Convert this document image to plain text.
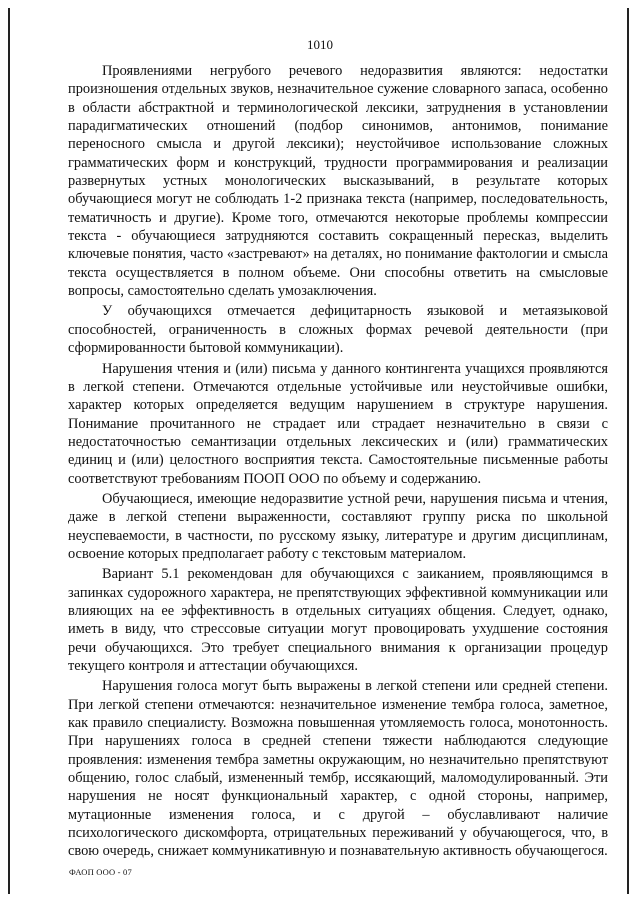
1010

Проявлениями негрубого речевого недоразвития являются: недостатки произношения отдельных звуков, незначительное сужение словарного запаса, особенно в области абстрактной и терминологической лексики, затруднения в установлении парадигматических отношений (подбор синонимов, антонимов, понимание переносного смысла и другой лексики); неустойчивое использование сложных грамматических форм и конструкций, трудности программирования и реализации развернутых устных монологических высказываний, в результате которых обучающиеся могут не соблюдать 1-2 признака текста (например, последовательность, тематичность и другие). Кроме того, отмечаются некоторые проблемы компрессии текста - обучающиеся затрудняются составить сокращенный пересказ, выделить ключевые понятия, часто «застревают» на деталях, но понимание фактологии и смысла текста осуществляется в полном объеме. Они способны ответить на смысловые вопросы, самостоятельно сделать умозаключения.

У обучающихся отмечается дефицитарность языковой и метаязыковой способностей, ограниченность в сложных формах речевой деятельности (при сформированности бытовой коммуникации).

Нарушения чтения и (или) письма у данного контингента учащихся проявляются в легкой степени. Отмечаются отдельные устойчивые или неустойчивые ошибки, характер которых определяется ведущим нарушением в структуре нарушения. Понимание прочитанного не страдает или страдает незначительно в связи с недостаточностью семантизации отдельных лексических и (или) грамматических единиц и (или) целостного восприятия текста. Самостоятельные письменные работы соответствуют требованиям ПООП ООО по объему и содержанию.

Обучающиеся, имеющие недоразвитие устной речи, нарушения письма и чтения, даже в легкой степени выраженности, составляют группу риска по школьной неуспеваемости, в частности, по русскому языку, литературе и другим дисциплинам, освоение которых предполагает работу с текстовым материалом.

Вариант 5.1 рекомендован для обучающихся с заиканием, проявляющимся в запинках судорожного характера, не препятствующих эффективной коммуникации или влияющих на ее эффективность в отдельных ситуациях общения. Следует, однако, иметь в виду, что стрессовые ситуации могут провоцировать ухудшение состояния речи обучающихся. Это требует специального внимания к организации процедур текущего контроля и аттестации обучающихся.

Нарушения голоса могут быть выражены в легкой степени или средней степени. При легкой степени отмечаются: незначительное изменение тембра голоса, заметное, как правило специалисту. Возможна повышенная утомляемость голоса, монотонность. При нарушениях голоса в средней степени тяжести наблюдаются следующие проявления: изменения тембра заметны окружающим, но незначительно препятствуют общению, голос слабый, измененный тембр, иссякающий, маломодулированный. Эти нарушения не носят функциональный характер, с одной стороны, например, мутационные изменения голоса, и с другой – обуславливают наличие психологического дискомфорта, отрицательных переживаний у обучающегося, что, в свою очередь, снижает коммуникативную и познавательную активность обучающегося.

ФАОП ООО - 07
